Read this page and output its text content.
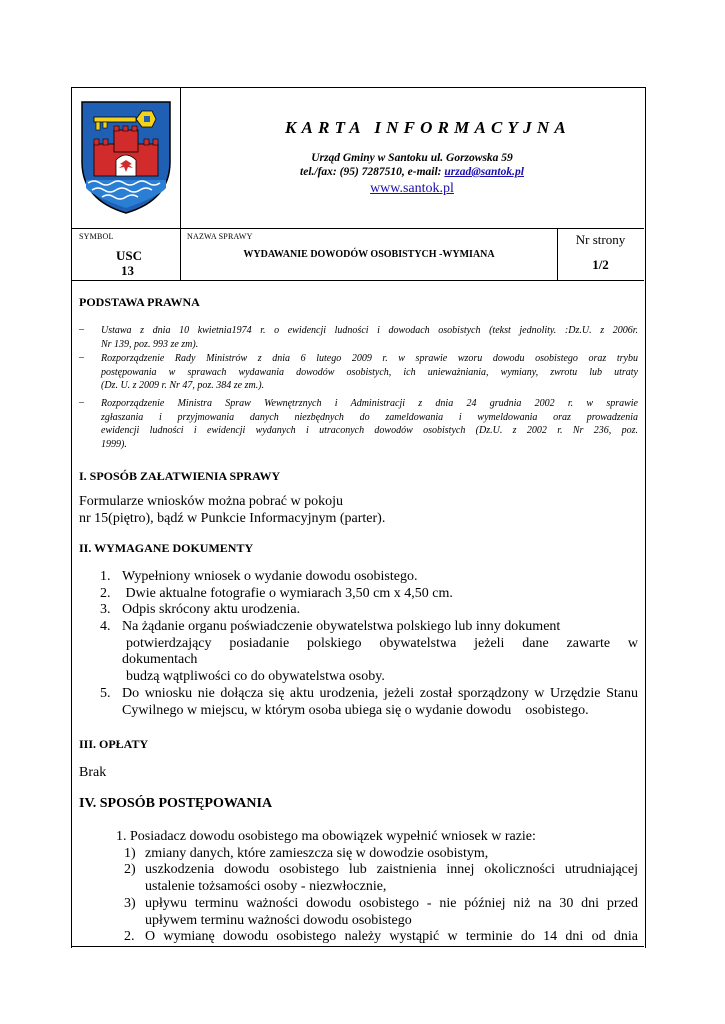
KARTA INFORMACYJNA
Urząd Gminy w Santoku ul. Gorzowska 59
tel./fax: (95) 7287510, e-mail: urzad@santok.pl
www.santok.pl
SYMBOL
USC
13
NAZWA SPRAWY
WYDAWANIE DOWODÓW OSOBISTYCH -WYMIANA
Nr strony
1/2
PODSTAWA PRAWNA
– Ustawa z dnia 10 kwietnia1974 r. o ewidencji ludności i dowodach osobistych (tekst jednolity. :Dz.U. z 2006r.
Nr 139, poz. 993 ze zm).
– Rozporządzenie Rady Ministrów z dnia 6 lutego 2009 r. w sprawie wzoru dowodu osobistego oraz trybu
postępowania w sprawach wydawania dowodów osobistych, ich unieważniania, wymiany, zwrotu lub utraty
(Dz. U. z 2009 r. Nr 47, poz. 384 ze zm.).
– Rozporządzenie Ministra Spraw Wewnętrznych i Administracji z dnia 24 grudnia 2002 r. w sprawie
zgłaszania i przyjmowania danych niezbędnych do zameldowania i wymeldowania oraz prowadzenia
ewidencji ludności i ewidencji wydanych i utraconych dowodów osobistych (Dz.U. z 2002 r. Nr 236, poz.
1999).
I. SPOSÓB ZAŁATWIENIA SPRAWY
Formularze wniosków można pobrać w pokoju
nr 15(piętro), bądź w Punkcie Informacyjnym (parter).
II. WYMAGANE DOKUMENTY
1. Wypełniony wniosek o wydanie dowodu osobistego.
2. Dwie aktualne fotografie o wymiarach 3,50 cm x 4,50 cm.
3. Odpis skrócony aktu urodzenia.
4. Na żądanie organu poświadczenie obywatelstwa polskiego lub inny dokument
potwierdzający posiadanie polskiego obywatelstwa jeżeli dane zawarte w
dokumentach
budzą wątpliwości co do obywatelstwa osoby.
5. Do wniosku nie dołącza się aktu urodzenia, jeżeli został sporządzony w Urzędzie Stanu
Cywilnego w miejscu, w którym osoba ubiega się o wydanie dowodu    osobistego.
III. OPŁATY
Brak
IV. SPOSÓB POSTĘPOWANIA
1. Posiadacz dowodu osobistego ma obowiązek wypełnić wniosek w razie:
1) zmiany danych, które zamieszcza się w dowodzie osobistym,
2) uszkodzenia dowodu osobistego lub zaistnienia innej okoliczności utrudniającej
ustalenie tożsamości osoby - niezwłocznie,
3) upływu terminu ważności dowodu osobistego - nie później niż na 30 dni przed
upływem terminu ważności dowodu osobistego
2. O wymianę dowodu osobistego należy wystąpić w terminie do 14 dni od dnia
